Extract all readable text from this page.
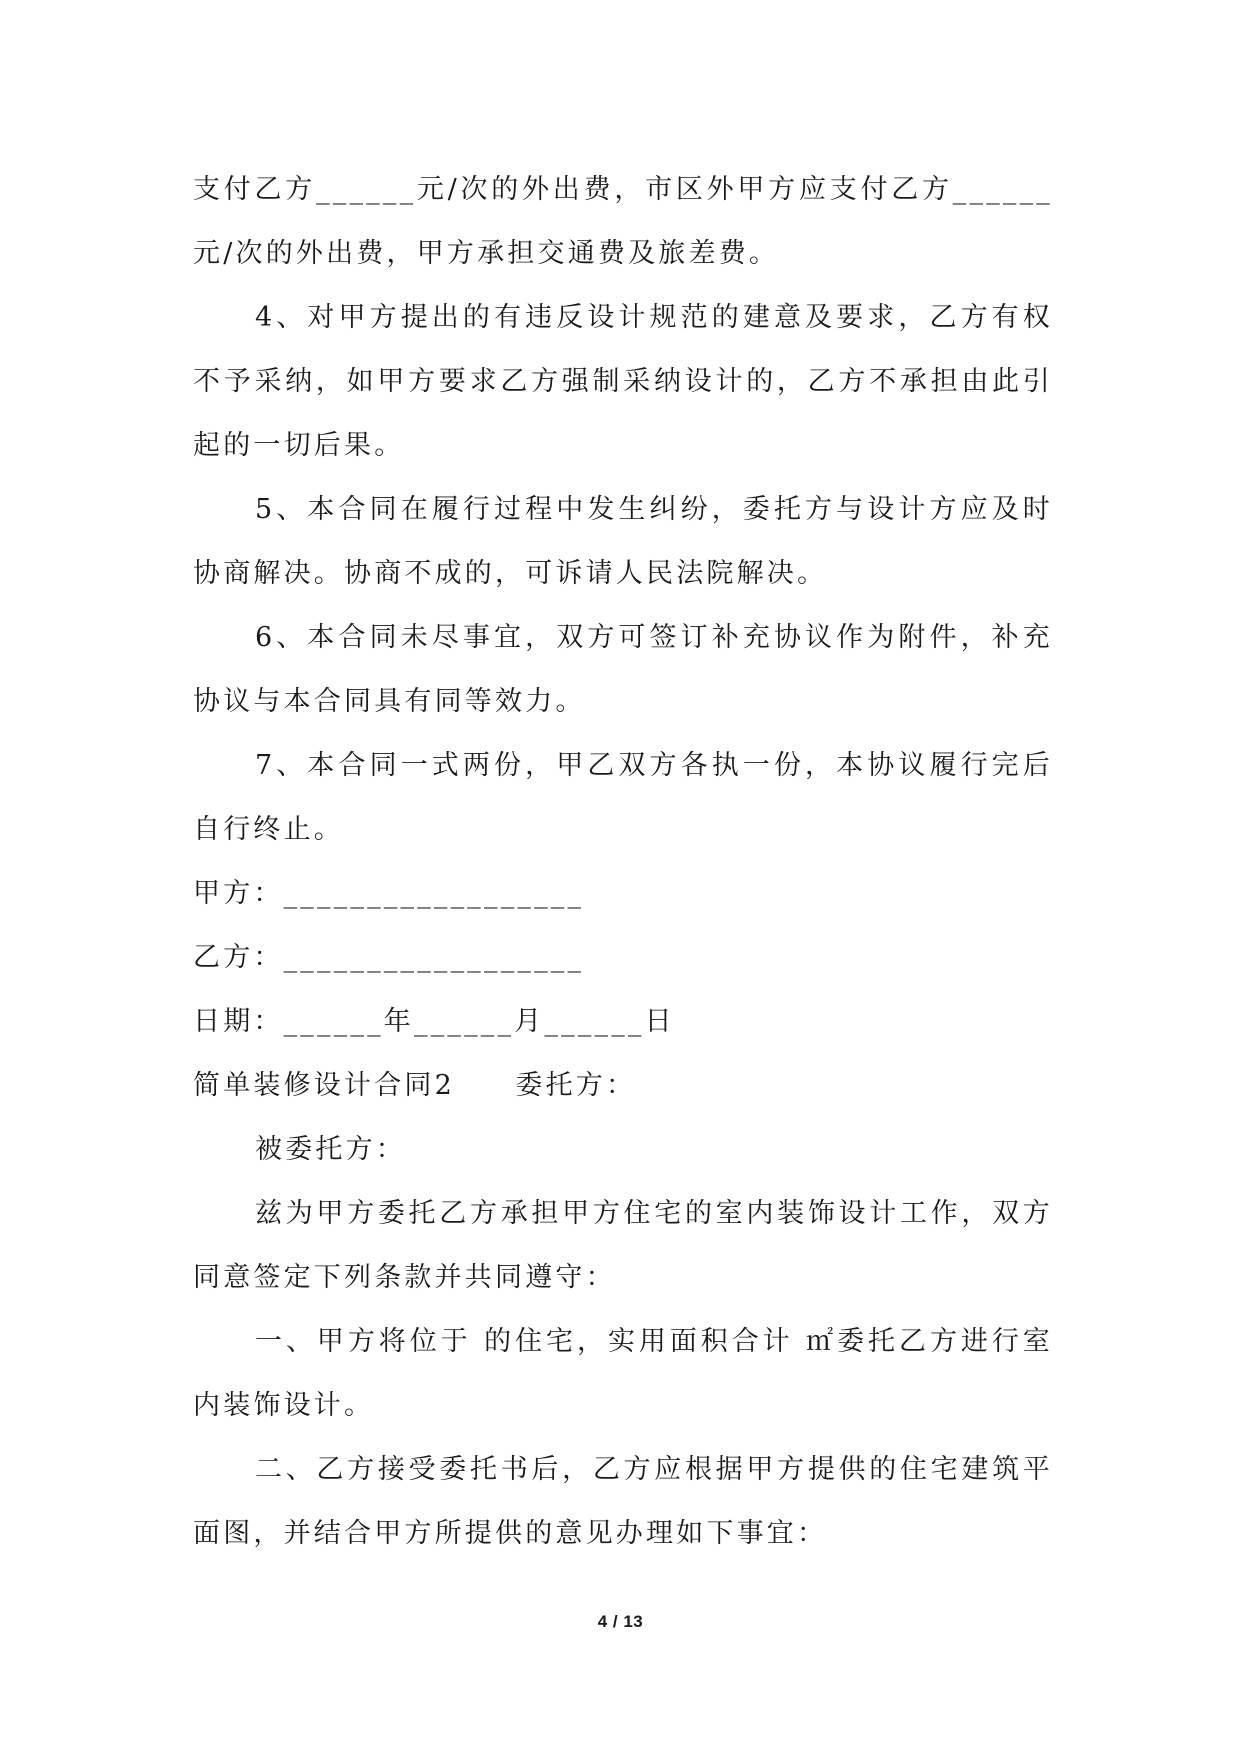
支付乙方______元/次的外出费，市区外甲方应支付乙方______元/次的外出费，甲方承担交通费及旅差费。

4、对甲方提出的有违反设计规范的建意及要求，乙方有权不予采纳，如甲方要求乙方强制采纳设计的，乙方不承担由此引起的一切后果。

5、本合同在履行过程中发生纠纷，委托方与设计方应及时协商解决。协商不成的，可诉请人民法院解决。

6、本合同未尽事宜，双方可签订补充协议作为附件，补充协议与本合同具有同等效力。

7、本合同一式两份，甲乙双方各执一份，本协议履行完后自行终止。

甲方：__________________

乙方：__________________

日期：______年______月______日

简单装修设计合同2　　委托方：

被委托方：

兹为甲方委托乙方承担甲方住宅的室内装饰设计工作，双方同意签定下列条款并共同遵守：

一、甲方将位于 的住宅，实用面积合计 ㎡委托乙方进行室内装饰设计。

二、乙方接受委托书后，乙方应根据甲方提供的住宅建筑平面图，并结合甲方所提供的意见办理如下事宜：

4 / 13
